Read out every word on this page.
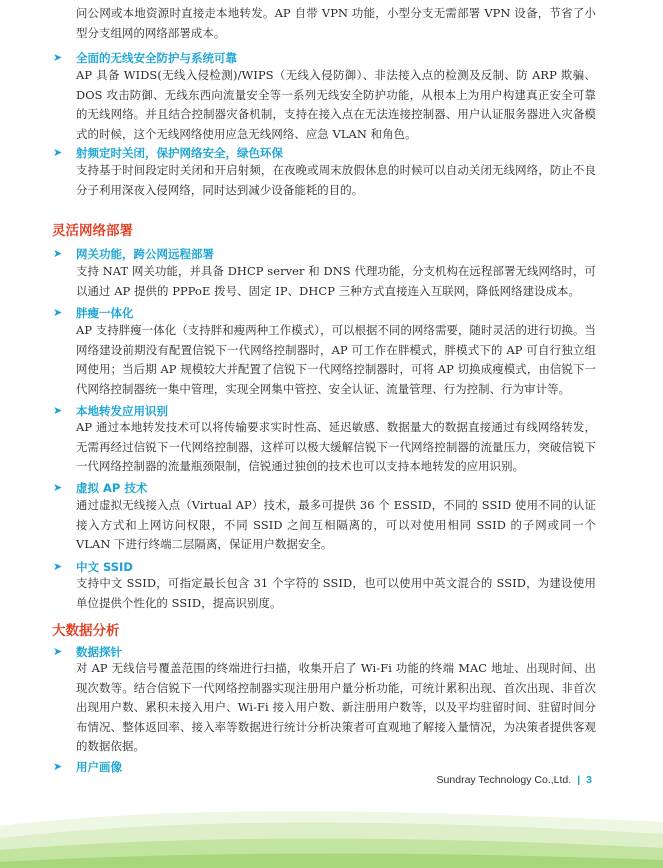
问公网或本地资源时直接走本地转发。AP 自带 VPN 功能，小型分支无需部署 VPN 设备，节省了小型分支组网的网络部署成本。
➤ 全面的无线安全防护与系统可靠
AP 具备 WIDS(无线入侵检测)/WIPS（无线入侵防御）、非法接入点的检测及反制、防 ARP 欺骗、DOS 攻击防御、无线东西向流量安全等一系列无线安全防护功能，从根本上为用户构建真正安全可靠的无线网络。并且结合控制器灾备机制，支持在接入点在无法连接控制器、用户认证服务器进入灾备模式的时候，这个无线网络使用应急无线网络、应急 VLAN 和角色。
➤ 射频定时关闭，保护网络安全，绿色环保
支持基于时间段定时关闭和开启射频，在夜晚或周末放假休息的时候可以自动关闭无线网络，防止不良分子利用深夜入侵网络，同时达到减少设备能耗的目的。
灵活网络部署
➤ 网关功能，跨公网远程部署
支持 NAT 网关功能，并具备 DHCP server 和 DNS 代理功能，分支机构在远程部署无线网络时，可以通过 AP 提供的 PPPoE 拨号、固定 IP、DHCP 三种方式直接连入互联网，降低网络建设成本。
➤ 胖瘦一体化
AP 支持胖瘦一体化（支持胖和瘦两种工作模式），可以根据不同的网络需要，随时灵活的进行切换。当网络建设前期没有配置信锐下一代网络控制器时，AP 可工作在胖模式，胖模式下的 AP 可自行独立组网使用；当后期 AP 规模较大并配置了信锐下一代网络控制器时，可将 AP 切换成瘦模式，由信锐下一代网络控制器统一集中管理，实现全网集中管控、安全认证、流量管理、行为控制、行为审计等。
➤ 本地转发应用识别
AP 通过本地转发技术可以将传输要求实时性高、延迟敏感、数据量大的数据直接通过有线网络转发，无需再经过信锐下一代网络控制器，这样可以极大缓解信锐下一代网络控制器的流量压力，突破信锐下一代网络控制器的流量瓶颈限制，信锐通过独创的技术也可以支持本地转发的应用识别。
➤ 虚拟 AP 技术
通过虚拟无线接入点（Virtual AP）技术，最多可提供 36 个 ESSID，不同的 SSID 使用不同的认证接入方式和上网访问权限，不同 SSID 之间互相隔离的，可以对使用相同 SSID 的子网或同一个 VLAN 下进行终端二层隔离，保证用户数据安全。
➤ 中文 SSID
支持中文 SSID，可指定最长包含 31 个字符的 SSID，也可以使用中英文混合的 SSID，为建设使用单位提供个性化的 SSID，提高识别度。
大数据分析
➤ 数据探针
对 AP 无线信号覆盖范围的终端进行扫描，收集开启了 Wi-Fi 功能的终端 MAC 地址、出现时间、出现次数等。结合信锐下一代网络控制器实现注册用户量分析功能，可统计累积出现、首次出现、非首次出现用户数、累积未接入用户、Wi-Fi 接入用户数、新注册用户数等，以及平均驻留时间、驻留时间分布情况、整体返回率、接入率等数据进行统计分析决策者可直观地了解接入量情况，为决策者提供客观的数据依据。
➤ 用户画像
Sundray Technology Co.,Ltd. | 3
